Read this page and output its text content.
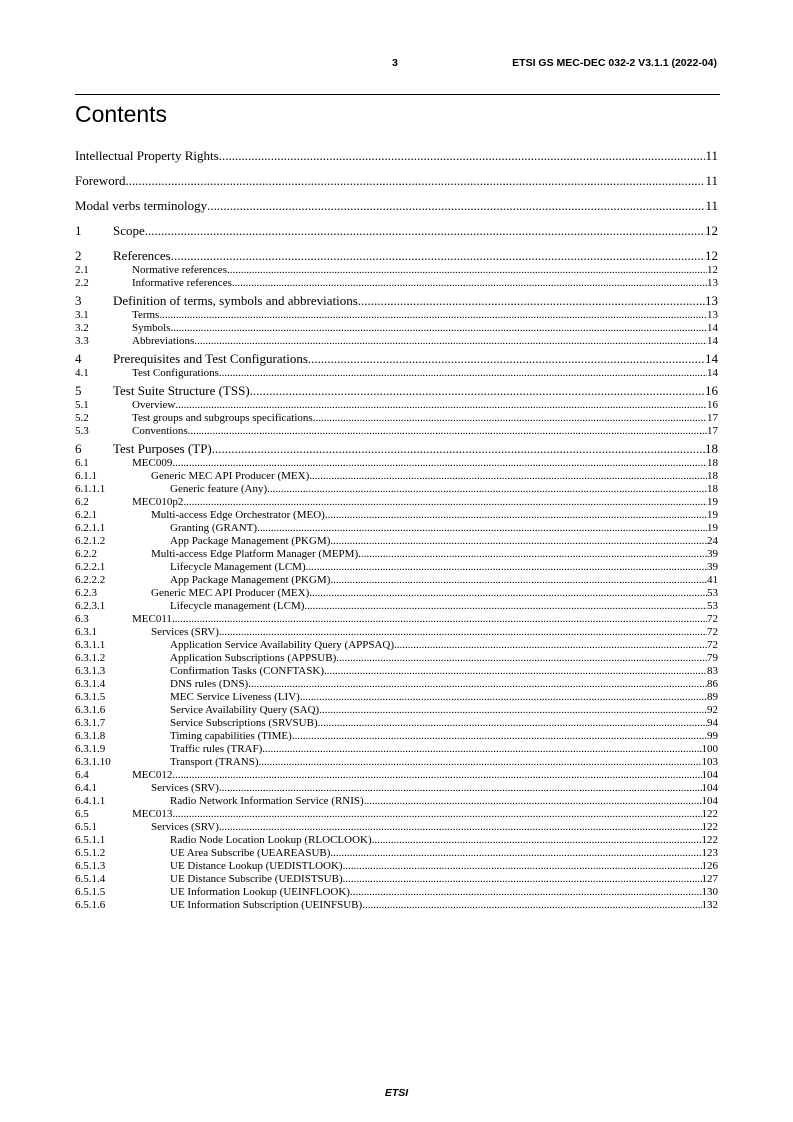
3	ETSI GS MEC-DEC 032-2 V3.1.1 (2022-04)
Contents
Intellectual Property Rights .....	11
Foreword .....	11
Modal verbs terminology .....	11
1	Scope .....	12
2	References .....	12
2.1	Normative references .....	12
2.2	Informative references .....	13
3	Definition of terms, symbols and abbreviations .....	13
3.1	Terms .....	13
3.2	Symbols .....	14
3.3	Abbreviations .....	14
4	Prerequisites and Test Configurations .....	14
4.1	Test Configurations .....	14
5	Test Suite Structure (TSS) .....	16
5.1	Overview .....	16
5.2	Test groups and subgroups specifications .....	17
5.3	Conventions .....	17
6	Test Purposes (TP) .....	18
6.1	MEC009 .....	18
6.1.1	Generic MEC API Producer (MEX) .....	18
6.1.1.1	Generic feature (Any) .....	18
6.2	MEC010p2 .....	19
6.2.1	Multi-access Edge Orchestrator (MEO) .....	19
6.2.1.1	Granting (GRANT) .....	19
6.2.1.2	App Package Management (PKGM) .....	24
6.2.2	Multi-access Edge Platform Manager (MEPM) .....	39
6.2.2.1	Lifecycle Management (LCM) .....	39
6.2.2.2	App Package Management (PKGM) .....	41
6.2.3	Generic MEC API Producer (MEX) .....	53
6.2.3.1	Lifecycle management (LCM) .....	53
6.3	MEC011 .....	72
6.3.1	Services (SRV) .....	72
6.3.1.1	Application Service Availability Query (APPSAQ) .....	72
6.3.1.2	Application Subscriptions (APPSUB) .....	79
6.3.1.3	Confirmation Tasks (CONFTASK) .....	83
6.3.1.4	DNS rules (DNS) .....	86
6.3.1.5	MEC Service Liveness (LIV) .....	89
6.3.1.6	Service Availability Query (SAQ) .....	92
6.3.1.7	Service Subscriptions (SRVSUB) .....	94
6.3.1.8	Timing capabilities (TIME) .....	99
6.3.1.9	Traffic rules (TRAF) .....	100
6.3.1.10	Transport (TRANS) .....	103
6.4	MEC012 .....	104
6.4.1	Services (SRV) .....	104
6.4.1.1	Radio Network Information Service (RNIS) .....	104
6.5	MEC013 .....	122
6.5.1	Services (SRV) .....	122
6.5.1.1	Radio Node Location Lookup (RLOCLOOK) .....	122
6.5.1.2	UE Area Subscribe (UEAREASUB) .....	123
6.5.1.3	UE Distance Lookup (UEDISTLOOK) .....	126
6.5.1.4	UE Distance Subscribe (UEDISTSUB) .....	127
6.5.1.5	UE Information Lookup (UEINFLOOK) .....	130
6.5.1.6	UE Information Subscription (UEINFSUB) .....	132
ETSI
